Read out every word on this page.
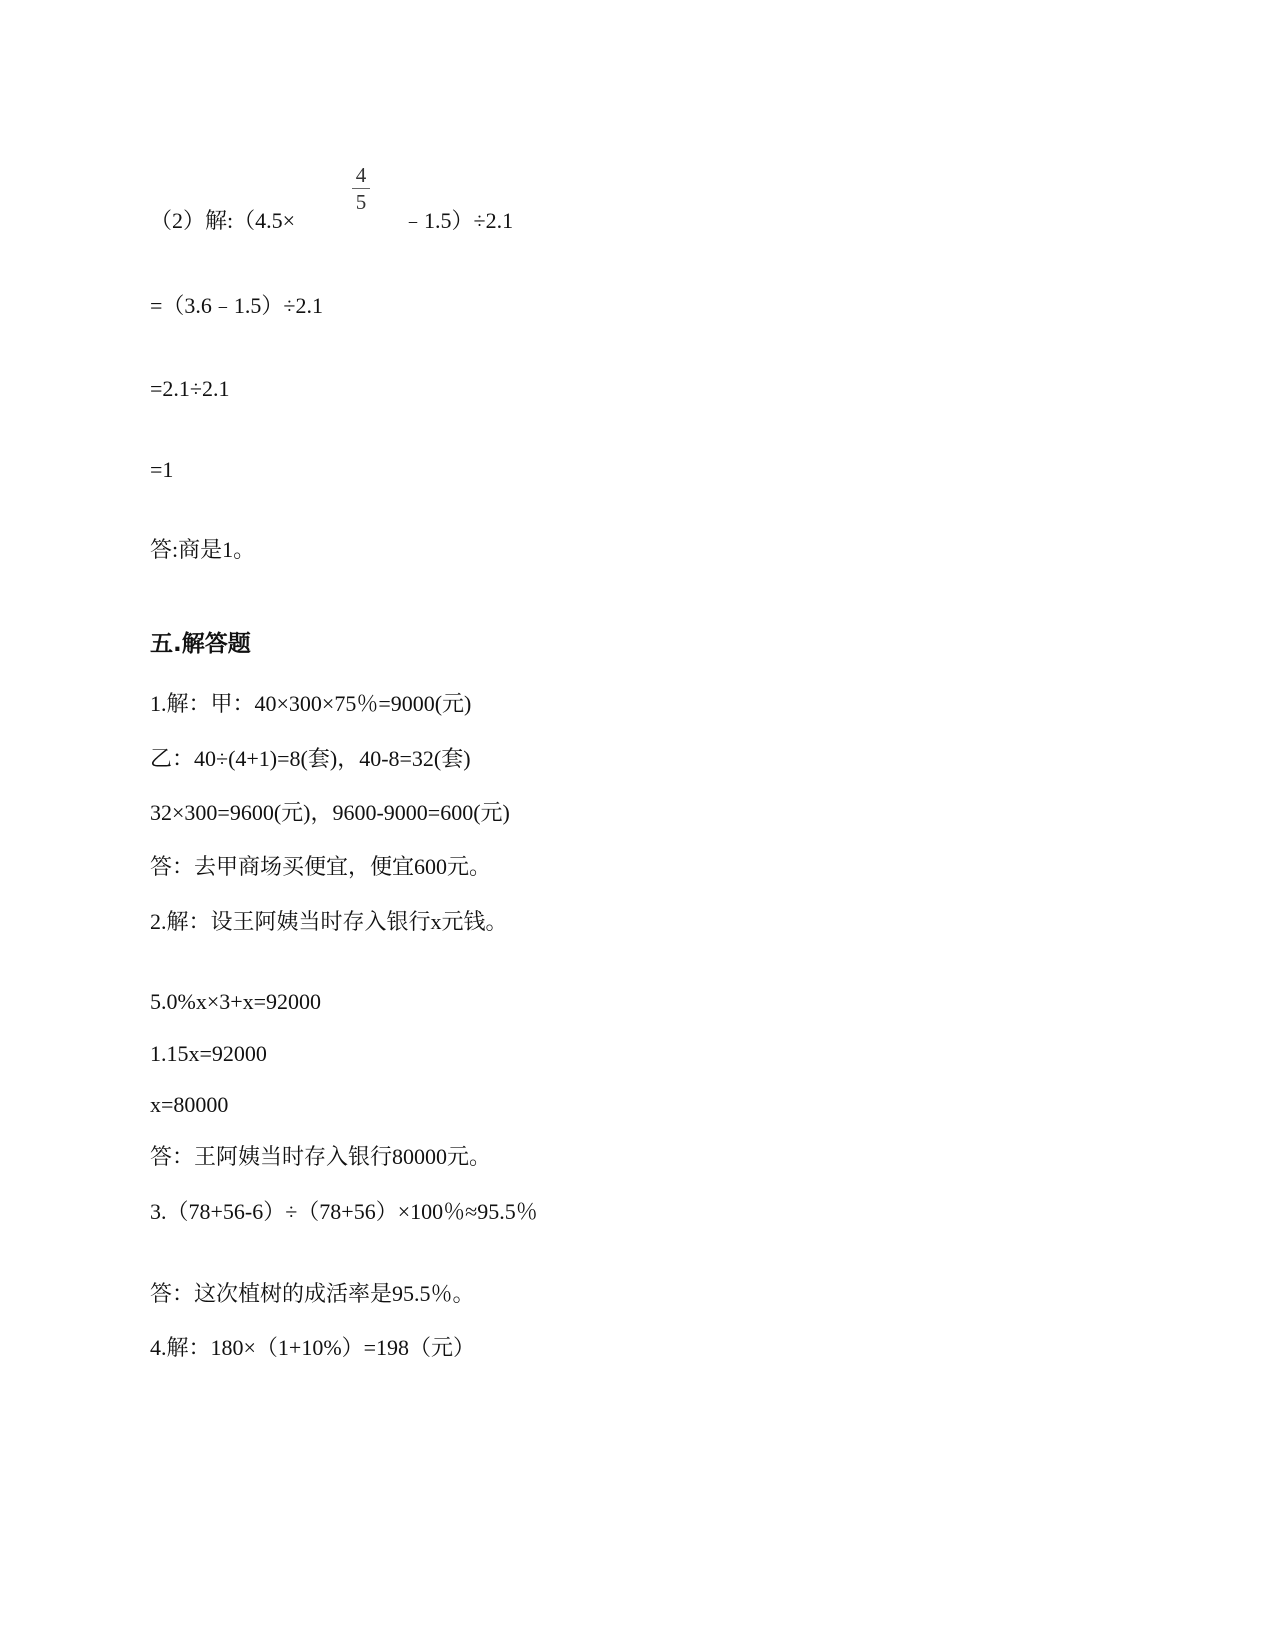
（2）解:（4.5×
4
5
﹣1.5）÷2.1
=（3.6﹣1.5）÷2.1
=2.1÷2.1
=1
答:商是1。
五.解答题
1.解：甲：40×300×75％=9000(元)
乙：40÷(4+1)=8(套)，40-8=32(套)
32×300=9600(元)，9600-9000=600(元)
答：去甲商场买便宜，便宜600元。
2.解：设王阿姨当时存入银行x元钱。
5.0%x×3+x=92000
1.15x=92000
x=80000
答：王阿姨当时存入银行80000元。
3.（78+56-6）÷（78+56）×100％≈95.5％
答：这次植树的成活率是95.5％。
4.解：180×（1+10%）=198（元）
